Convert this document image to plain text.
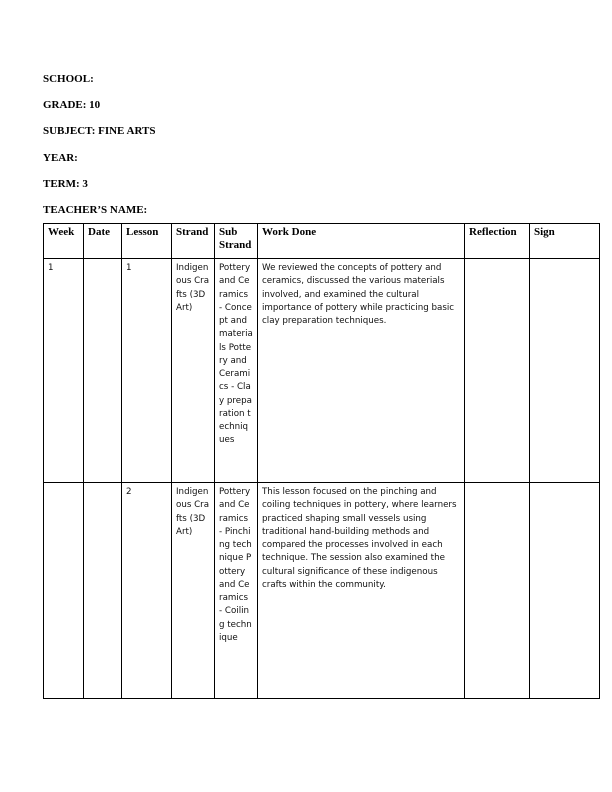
SCHOOL:
GRADE: 10
SUBJECT: FINE ARTS
YEAR:
TERM: 3
TEACHER’S NAME:
Week	Date	Lesson	Strand	Sub Strand	Work Done	Reflection	Sign
1		1	Indigenous Crafts (3D Art)	Pottery and Ceramics - Concept and materials Pottery and Ceramics - Clay preparation techniques	We reviewed the concepts of pottery and ceramics, discussed the various materials involved, and examined the cultural importance of pottery while practicing basic clay preparation techniques.		
		2	Indigenous Crafts (3D Art)	Pottery and Ceramics - Pinching technique Pottery and Ceramics - Coiling technique	This lesson focused on the pinching and coiling techniques in pottery, where learners practiced shaping small vessels using traditional hand-building methods and compared the processes involved in each technique. The session also examined the cultural significance of these indigenous crafts within the community.		
